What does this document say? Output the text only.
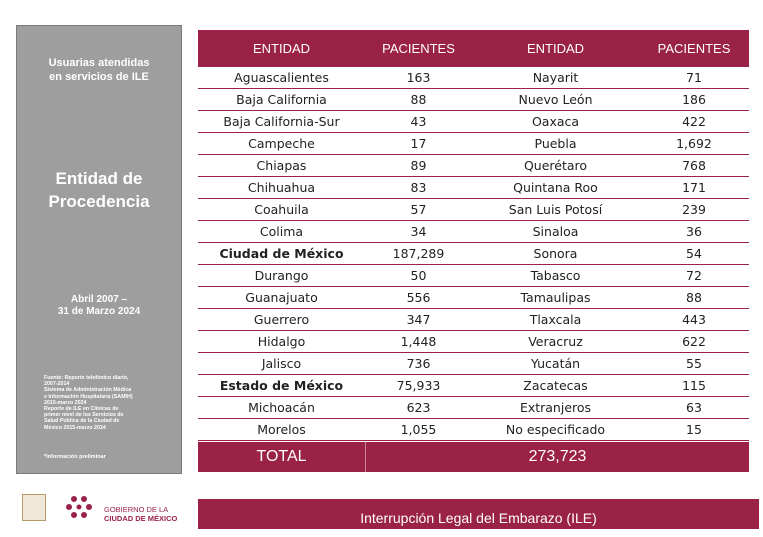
Usuarias atendidas
en servicios de ILE
Entidad de
Procedencia
Abril 2007 –
31 de Marzo 2024
Fuente: Reporte telefónico diario,
2007-2014
Sistema de Administración Médica
e Información Hospitalaria (SAMIH)
2015-marzo 2024
Reporte de ILE en Clínicas de
primer nivel de los Servicios de
Salud Pública de la Ciudad de
México 2015-marzo 2024
*Información preliminar
ENTIDAD	PACIENTES	ENTIDAD	PACIENTES
Aguascalientes	163	Nayarit	71
Baja California	88	Nuevo León	186
Baja California-Sur	43	Oaxaca	422
Campeche	17	Puebla	1,692
Chiapas	89	Querétaro	768
Chihuahua	83	Quintana Roo	171
Coahuila	57	San Luis Potosí	239
Colima	34	Sinaloa	36
Ciudad de México	187,289	Sonora	54
Durango	50	Tabasco	72
Guanajuato	556	Tamaulipas	88
Guerrero	347	Tlaxcala	443
Hidalgo	1,448	Veracruz	622
Jalisco	736	Yucatán	55
Estado de México	75,933	Zacatecas	115
Michoacán	623	Extranjeros	63
Morelos	1,055	No especificado	15
TOTAL	273,723
GOBIERNO DE LA
CIUDAD DE MÉXICO	Interrupción Legal del Embarazo (ILE)
